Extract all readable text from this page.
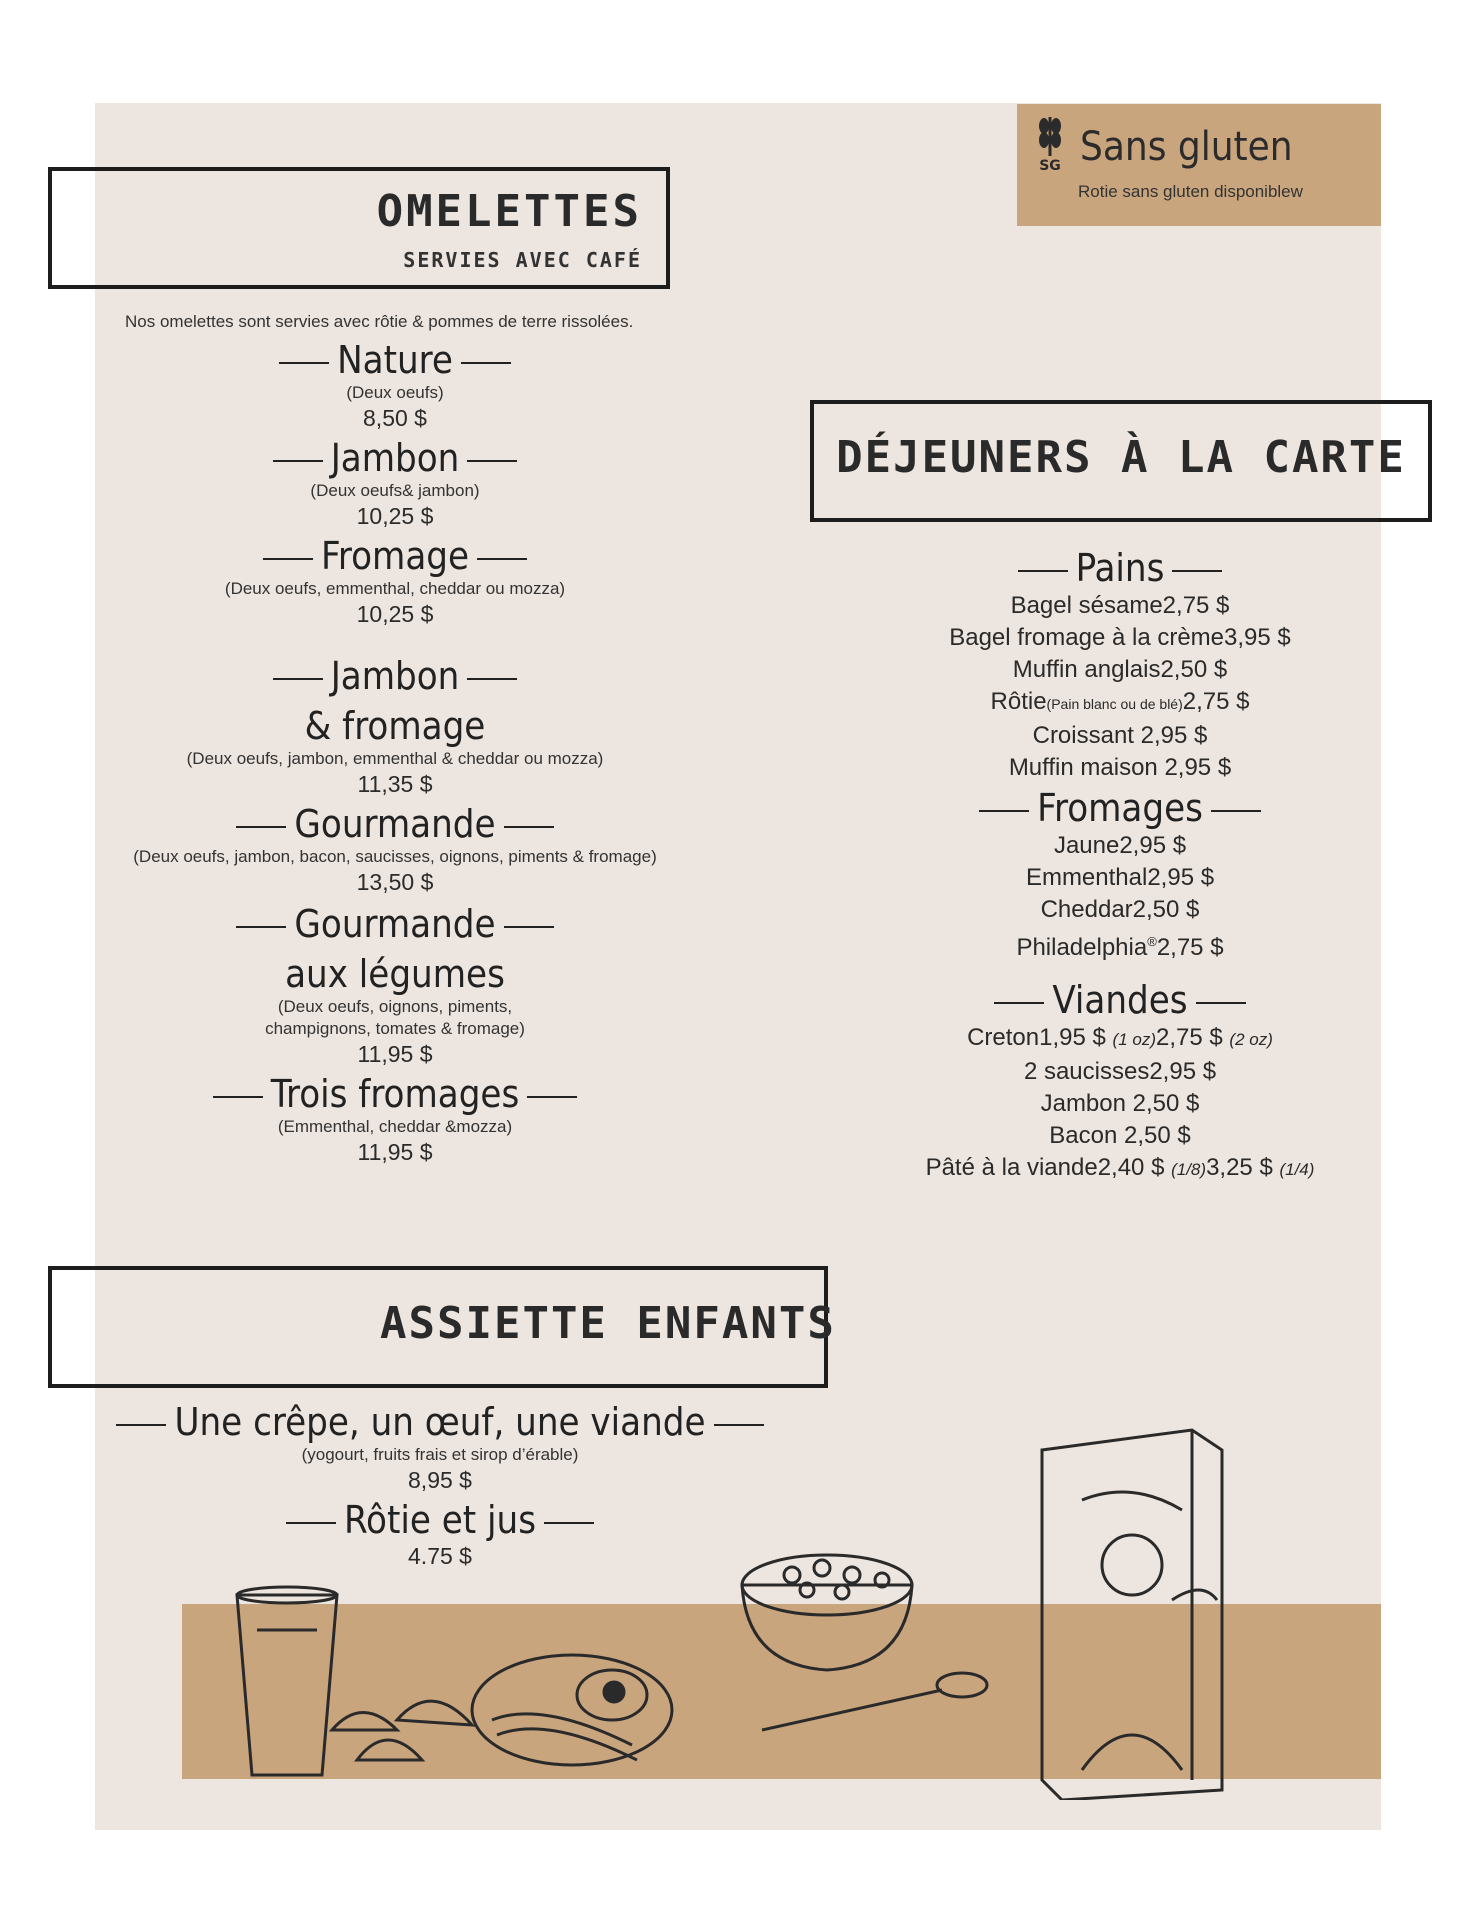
SG Sans gluten
Rotie sans gluten disponiblew
OMELETTES
SERVIES AVEC CAFÉ
Nos omelettes sont servies avec rôtie & pommes de terre rissolées.
Nature
(Deux oeufs)
8,50 $
Jambon
(Deux oeufs& jambon)
10,25 $
Fromage
(Deux oeufs, emmenthal, cheddar ou mozza)
10,25 $
Jambon
& fromage
(Deux oeufs, jambon, emmenthal & cheddar ou mozza)
11,35 $
Gourmande
(Deux oeufs, jambon, bacon, saucisses, oignons, piments & fromage)
13,50 $
Gourmande
aux légumes
(Deux oeufs, oignons, piments,
champignons, tomates & fromage)
11,95 $
Trois fromages
(Emmenthal, cheddar &mozza)
11,95 $
DÉJEUNERS À LA CARTE
Pains
Bagel sésame2,75 $
Bagel fromage à la crème3,95 $
Muffin anglais2,50 $
Rôtie(Pain blanc ou de blé)2,75 $
Croissant 2,95 $
Muffin maison 2,95 $
Fromages
Jaune2,95 $
Emmenthal2,95 $
Cheddar2,50 $
Philadelphia®2,75 $
Viandes
Creton1,95 $ (1 oz)2,75 $ (2 oz)
2 saucisses2,95 $
Jambon 2,50 $
Bacon 2,50 $
Pâté à la viande2,40 $ (1/8)3,25 $ (1/4)
ASSIETTE ENFANTS
Une crêpe, un œuf, une viande
(yogourt, fruits frais et sirop d’érable)
8,95 $
Rôtie et jus
4.75 $
